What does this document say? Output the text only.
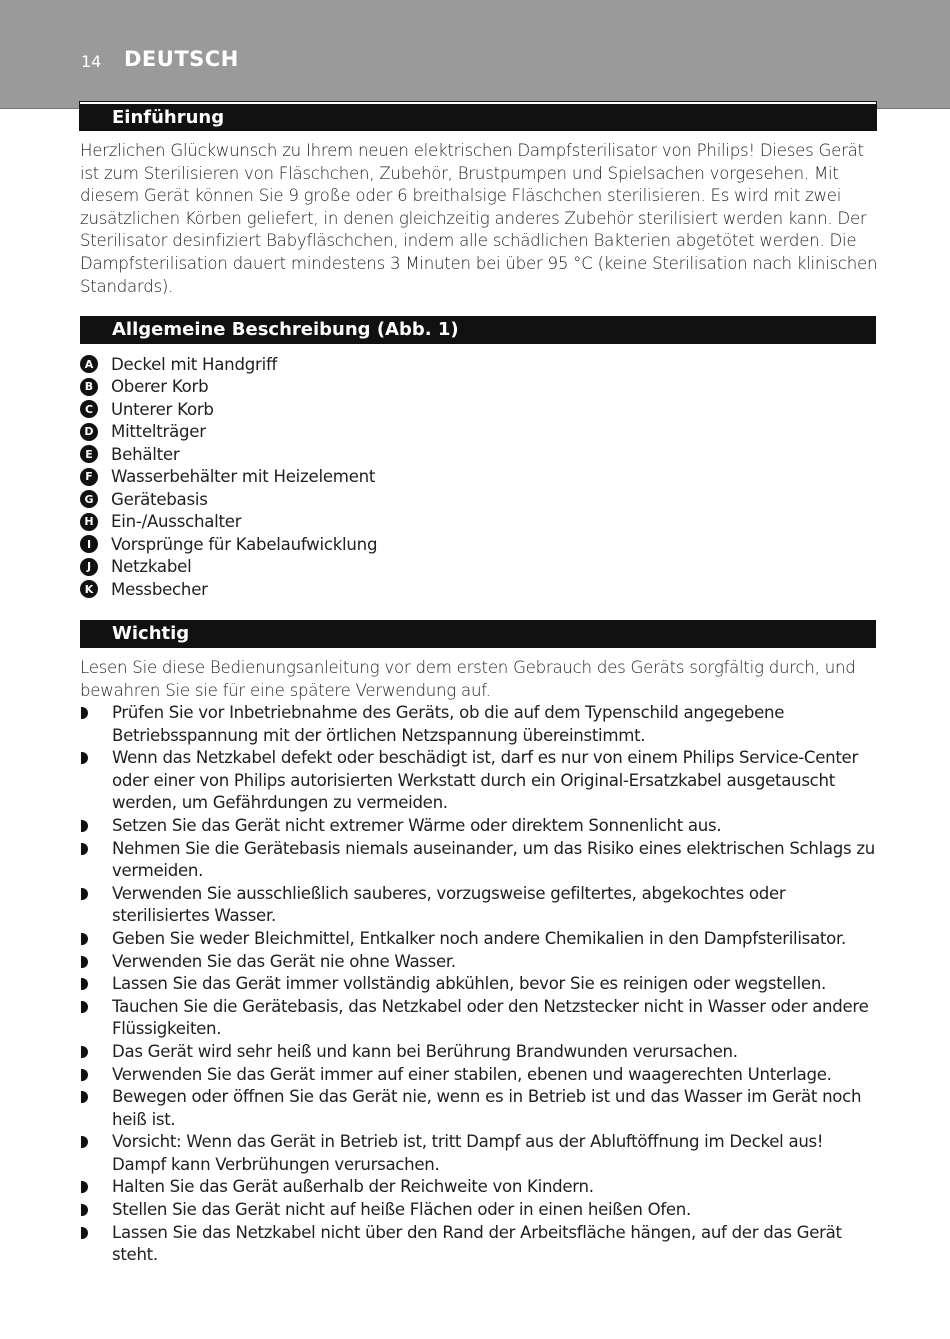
14 DEUTSCH
Einführung

Herzlichen Glückwunsch zu Ihrem neuen elektrischen Dampfsterilisator von Philips! Dieses Gerät ist zum Sterilisieren von Fläschchen, Zubehör, Brustpumpen und Spielsachen vorgesehen. Mit diesem Gerät können Sie 9 große oder 6 breithalsige Fläschchen sterilisieren. Es wird mit zwei zusätzlichen Körben geliefert, in denen gleichzeitig anderes Zubehör sterilisiert werden kann. Der Sterilisator desinfiziert Babyfläschchen, indem alle schädlichen Bakterien abgetötet werden. Die Dampfsterilisation dauert mindestens 3 Minuten bei über 95 °C (keine Sterilisation nach klinischen Standards).

Allgemeine Beschreibung (Abb. 1)
A Deckel mit Handgriff
B Oberer Korb
C Unterer Korb
D Mittelträger
E	Behälter
F	Wasserbehälter mit Heizelement
G Gerätebasis
H Ein-/Ausschalter
I	Vorsprünge für Kabelaufwicklung
J	Netzkabel
K Messbecher
Wichtig

Lesen Sie diese Bedienungsanleitung vor dem ersten Gebrauch des Geräts sorgfältig durch, und bewahren Sie sie für eine spätere Verwendung auf.

Prüfen Sie vor Inbetriebnahme des Geräts, ob die auf dem Typenschild angegebene Betriebsspannung mit der örtlichen Netzspannung übereinstimmt.
Wenn das Netzkabel defekt oder beschädigt ist, darf es nur von einem Philips Service-Center oder einer von Philips autorisierten Werkstatt durch ein Original-Ersatzkabel ausgetauscht werden, um Gefährdungen zu vermeiden.
Setzen Sie das Gerät nicht extremer Wärme oder direktem Sonnenlicht aus.
Nehmen Sie die Gerätebasis niemals auseinander, um das Risiko eines elektrischen Schlags zu vermeiden.
Verwenden Sie ausschließlich sauberes, vorzugsweise gefiltertes, abgekochtes oder sterilisiertes Wasser.
Geben Sie weder Bleichmittel, Entkalker noch andere Chemikalien in den Dampfsterilisator.
Verwenden Sie das Gerät nie ohne Wasser.
Lassen Sie das Gerät immer vollständig abkühlen, bevor Sie es reinigen oder wegstellen.
Tauchen Sie die Gerätebasis, das Netzkabel oder den Netzstecker nicht in Wasser oder andere Flüssigkeiten.
Das Gerät wird sehr heiß und kann bei Berührung Brandwunden verursachen.
Verwenden Sie das Gerät immer auf einer stabilen, ebenen und waagerechten Unterlage.
Bewegen oder öffnen Sie das Gerät nie, wenn es in Betrieb ist und das Wasser im Gerät noch heiß ist.
Vorsicht: Wenn das Gerät in Betrieb ist, tritt Dampf aus der Abluftöffnung im Deckel aus! Dampf kann Verbrühungen verursachen.
Halten Sie das Gerät außerhalb der Reichweite von Kindern.
Stellen Sie das Gerät nicht auf heiße Flächen oder in einen heißen Ofen.
Lassen Sie das Netzkabel nicht über den Rand der Arbeitsfläche hängen, auf der das Gerät steht.
